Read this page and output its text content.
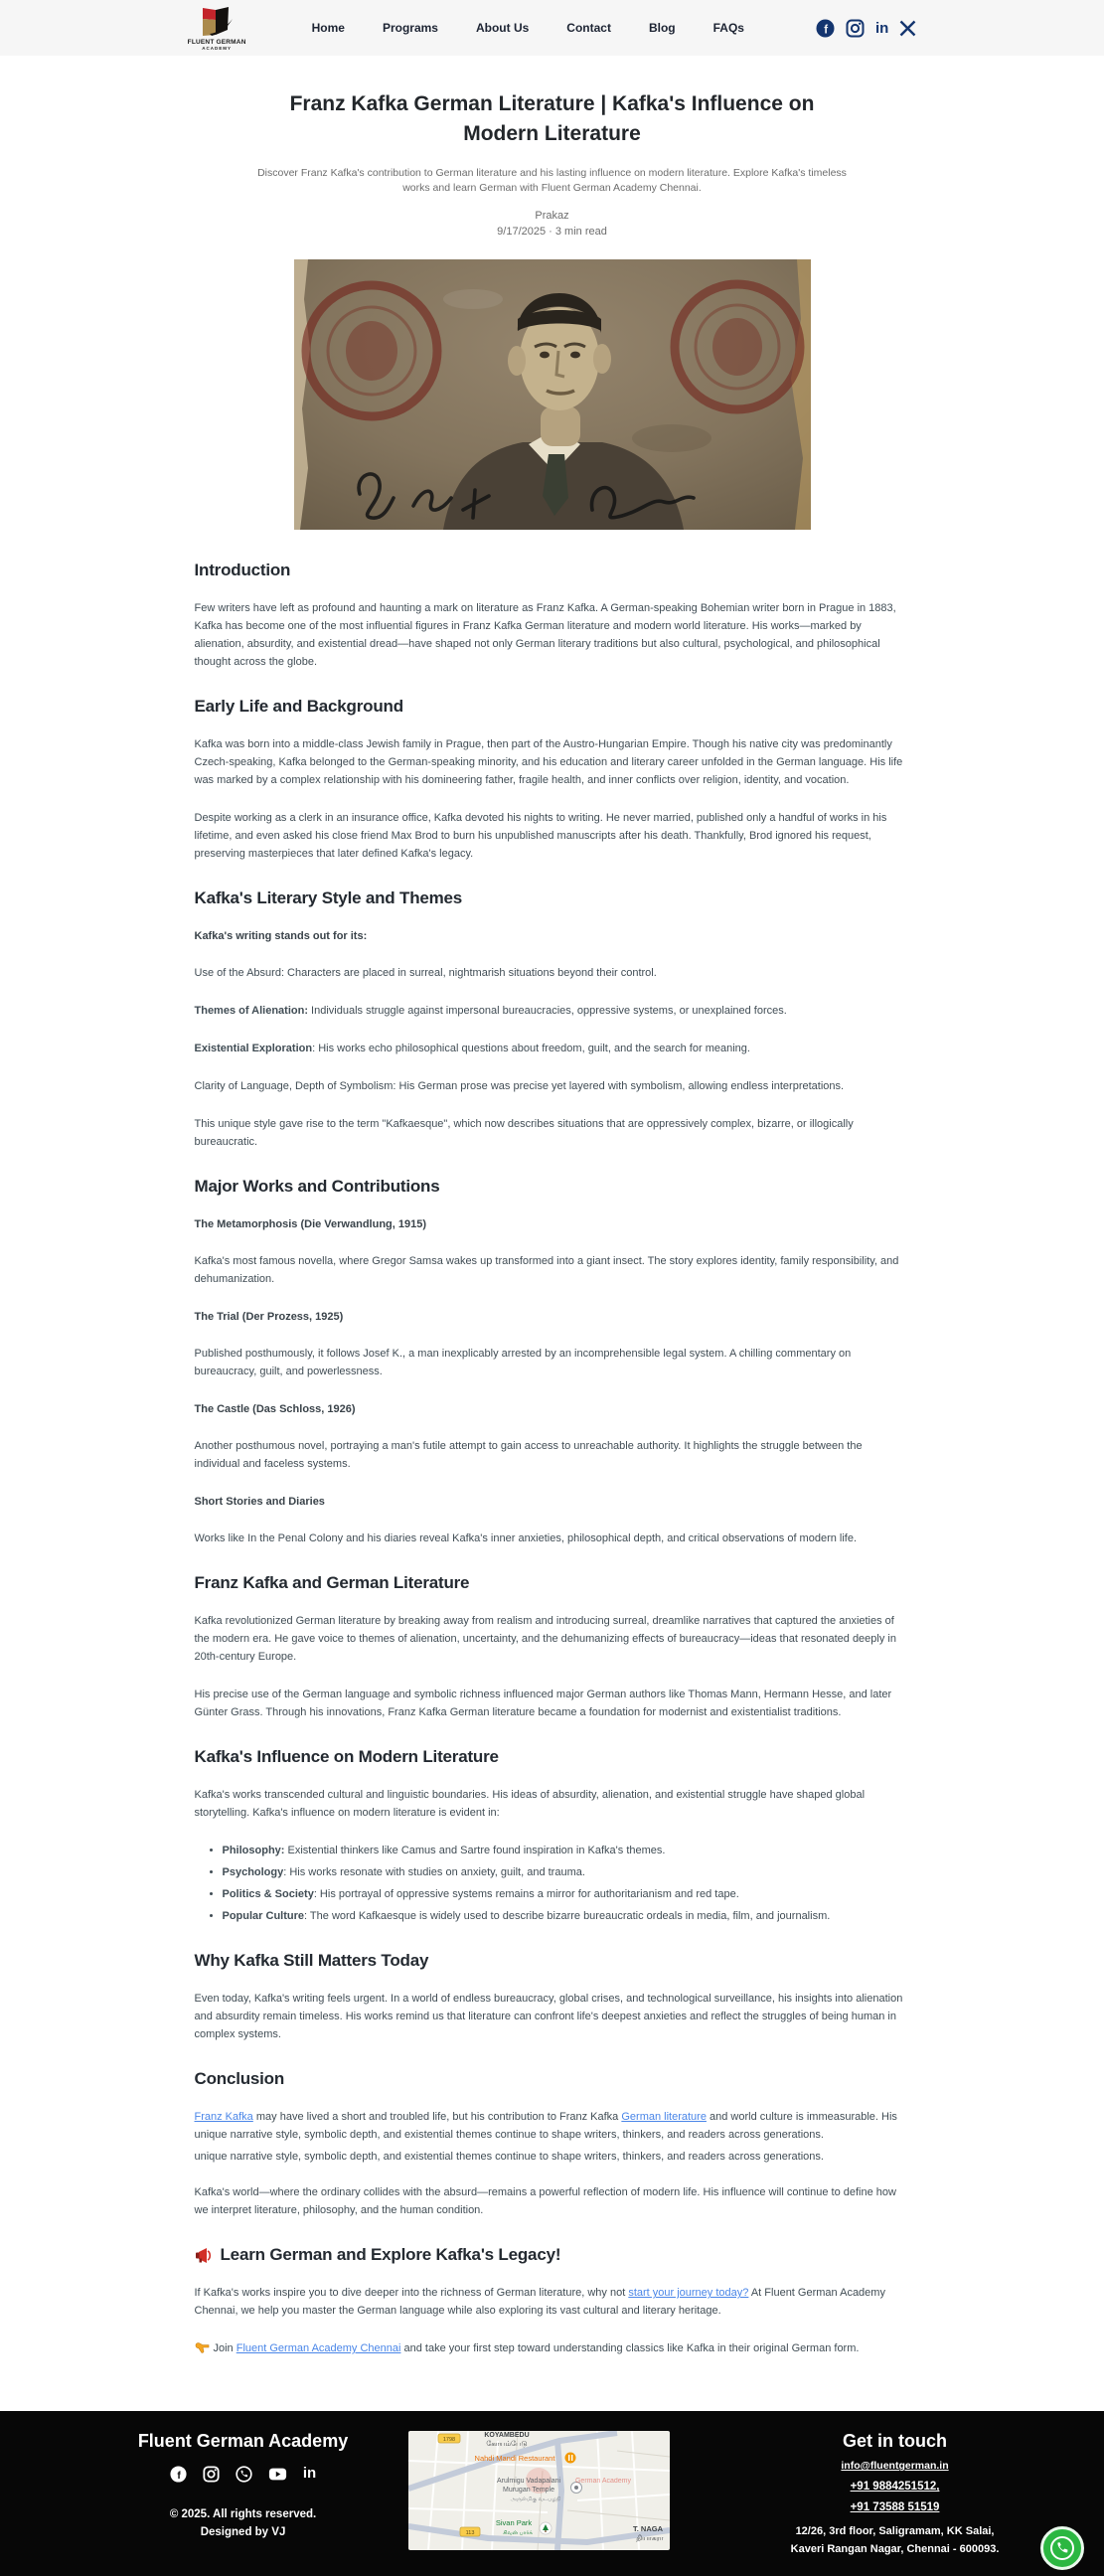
FLUENT GERMAN
ACADEMY
Home	Programs	About Us	Contact	Blog	FAQs	f	in
Franz Kafka German Literature | Kafka's Influence on Modern Literature

Discover Franz Kafka's contribution to German literature and his lasting influence on modern literature. Explore Kafka's timeless works and learn German with Fluent German Academy Chennai.

Prakaz

9/17/2025 · 3 min read

Introduction

Few writers have left as profound and haunting a mark on literature as Franz Kafka. A German-speaking Bohemian writer born in Prague in 1883, Kafka has become one of the most influential figures in Franz Kafka German literature and modern world literature. His works—marked by alienation, absurdity, and existential dread—have shaped not only German literary traditions but also cultural, psychological, and philosophical thought across the globe.

Early Life and Background

Kafka was born into a middle-class Jewish family in Prague, then part of the Austro-Hungarian Empire. Though his native city was predominantly Czech-speaking, Kafka belonged to the German-speaking minority, and his education and literary career unfolded in the German language. His life was marked by a complex relationship with his domineering father, fragile health, and inner conflicts over religion, identity, and vocation.

Despite working as a clerk in an insurance office, Kafka devoted his nights to writing. He never married, published only a handful of works in his lifetime, and even asked his close friend Max Brod to burn his unpublished manuscripts after his death. Thankfully, Brod ignored his request, preserving masterpieces that later defined Kafka's legacy.

Kafka's Literary Style and Themes
Kafka's writing stands out for its:

Use of the Absurd: Characters are placed in surreal, nightmarish situations beyond their control.

Themes of Alienation: Individuals struggle against impersonal bureaucracies, oppressive systems, or unexplained forces.

Existential Exploration: His works echo philosophical questions about freedom, guilt, and the search for meaning.

Clarity of Language, Depth of Symbolism: His German prose was precise yet layered with symbolism, allowing endless interpretations.

This unique style gave rise to the term "Kafkaesque", which now describes situations that are oppressively complex, bizarre, or illogically bureaucratic.

Major Works and Contributions
The Metamorphosis (Die Verwandlung, 1915)

Kafka's most famous novella, where Gregor Samsa wakes up transformed into a giant insect. The story explores identity, family responsibility, and dehumanization.

The Trial (Der Prozess, 1925)

Published posthumously, it follows Josef K., a man inexplicably arrested by an incomprehensible legal system. A chilling commentary on bureaucracy, guilt, and powerlessness.

The Castle (Das Schloss, 1926)

Another posthumous novel, portraying a man's futile attempt to gain access to unreachable authority. It highlights the struggle between the individual and faceless systems.

Short Stories and Diaries

Works like In the Penal Colony and his diaries reveal Kafka's inner anxieties, philosophical depth, and critical observations of modern life.

Franz Kafka and German Literature

Kafka revolutionized German literature by breaking away from realism and introducing surreal, dreamlike narratives that captured the anxieties of the modern era. He gave voice to themes of alienation, uncertainty, and the dehumanizing effects of bureaucracy—ideas that resonated deeply in 20th-century Europe.

His precise use of the German language and symbolic richness influenced major German authors like Thomas Mann, Hermann Hesse, and later Günter Grass. Through his innovations, Franz Kafka German literature became a foundation for modernist and existentialist traditions.

Kafka's Influence on Modern Literature

Kafka's works transcended cultural and linguistic boundaries. His ideas of absurdity, alienation, and existential struggle have shaped global storytelling. Kafka's influence on modern literature is evident in:

• Philosophy: Existential thinkers like Camus and Sartre found inspiration in Kafka's themes.
• Psychology: His works resonate with studies on anxiety, guilt, and trauma.
• Politics & Society: His portrayal of oppressive systems remains a mirror for authoritarianism and red tape.
• Popular Culture: The word Kafkaesque is widely used to describe bizarre bureaucratic ordeals in media, film, and journalism.
Why Kafka Still Matters Today

Even today, Kafka's writing feels urgent. In a world of endless bureaucracy, global crises, and technological surveillance, his insights into alienation and absurdity remain timeless. His works remind us that literature can confront life's deepest anxieties and reflect the struggles of being human in complex systems.

Conclusion

Franz Kafka may have lived a short and troubled life, but his contribution to Franz Kafka German literature and world culture is immeasurable. His unique narrative style, symbolic depth, and existential themes continue to shape writers, thinkers, and readers across generations.

unique narrative style, symbolic depth, and existential themes continue to shape writers, thinkers, and readers across generations.

Kafka's world—where the ordinary collides with the absurd—remains a powerful reflection of modern life. His influence will continue to define how we interpret literature, philosophy, and the human condition.

Learn German and Explore Kafka's Legacy!

If Kafka's works inspire you to dive deeper into the richness of German literature, why not start your journey today? At Fluent German Academy Chennai, we help you master the German language while also exploring its vast cultural and literary heritage.

Join Fluent German Academy Chennai and take your first step toward understanding classics like Kafka in their original German form.

Fluent German Academy
f	in
© 2025. All rights reserved.
Designed by VJ
1798
113
KOYAMBEDU
கோயம்பேடு
Nahdi Mandi Restaurant
Arulmigu Vadapalani
Murugan Temple
அருள்மிகு வடபழநி
German Academy
Sivan Park
சிவன் பார்க்	T. NAGA
தியாகரா
Get in touch
info@fluentgerman.in
+91 9884251512,
+91 73588 51519
12/26, 3rd floor, Saligramam, KK Salai,
Kaveri Rangan Nagar, Chennai - 600093.
